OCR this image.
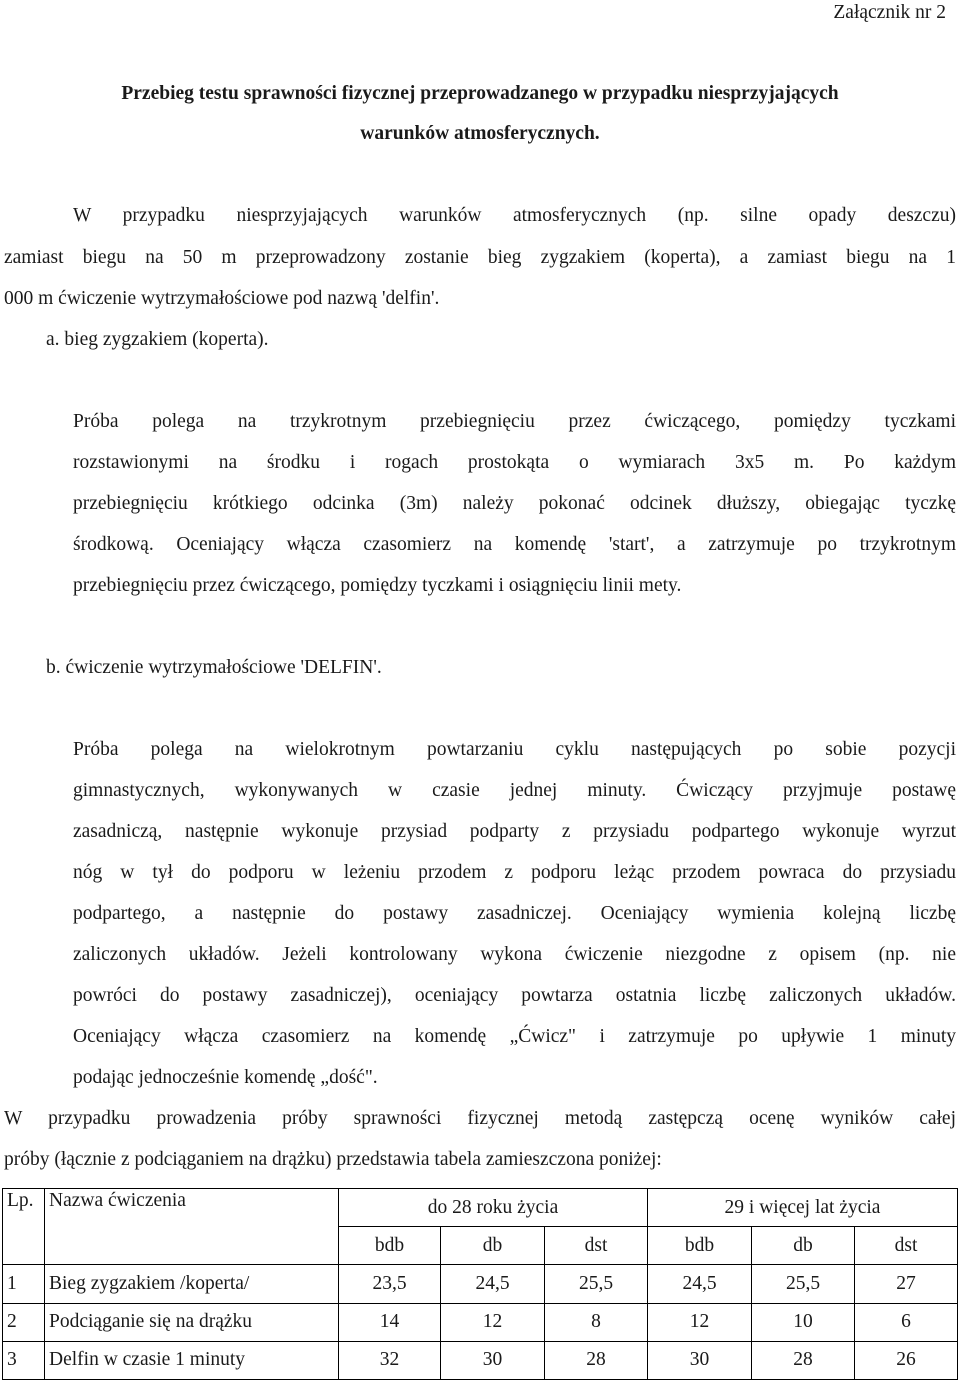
Załącznik nr 2
Przebieg testu sprawności fizycznej przeprowadzanego w przypadku niesprzyjających
warunków atmosferycznych.
W przypadku niesprzyjających warunków atmosferycznych (np. silne opady deszczu)
zamiast biegu na 50 m przeprowadzony zostanie bieg zygzakiem (koperta), a zamiast biegu na 1
000 m ćwiczenie wytrzymałościowe pod nazwą 'delfin'.
a. bieg zygzakiem (koperta).
Próba polega na trzykrotnym przebiegnięciu przez ćwiczącego, pomiędzy tyczkami
rozstawionymi na środku i rogach prostokąta o wymiarach 3x5 m. Po każdym
przebiegnięciu krótkiego odcinka (3m) należy pokonać odcinek dłuższy, obiegając tyczkę
środkową. Oceniający włącza czasomierz na komendę 'start', a zatrzymuje po trzykrotnym
przebiegnięciu przez ćwiczącego, pomiędzy tyczkami i osiągnięciu linii mety.
b. ćwiczenie wytrzymałościowe 'DELFIN'.
Próba polega na wielokrotnym powtarzaniu cyklu następujących po sobie pozycji
gimnastycznych, wykonywanych w czasie jednej minuty. Ćwiczący przyjmuje postawę
zasadniczą, następnie wykonuje przysiad podparty z przysiadu podpartego wykonuje wyrzut
nóg w tył do podporu w leżeniu przodem z podporu leżąc przodem powraca do przysiadu
podpartego, a następnie do postawy zasadniczej. Oceniający wymienia kolejną liczbę
zaliczonych układów. Jeżeli kontrolowany wykona ćwiczenie niezgodne z opisem (np. nie
powróci do postawy zasadniczej), oceniający powtarza ostatnia liczbę zaliczonych układów.
Oceniający włącza czasomierz na komendę „Ćwicz" i zatrzymuje po upływie 1 minuty
podając jednocześnie komendę „dość".
W przypadku prowadzenia próby sprawności fizycznej metodą zastępczą ocenę wyników całej
próby (łącznie z podciąganiem na drążku) przedstawia tabela zamieszczona poniżej:
Lp.	Nazwa ćwiczenia	do 28 roku życia			29 i więcej lat życia		
		bdb	db	dst	bdb	db	dst
1	Bieg zygzakiem /koperta/	23,5	24,5	25,5	24,5	25,5	27
2	Podciąganie się na drążku	14	12	8	12	10	6
3	Delfin w czasie 1 minuty	32	30	28	30	28	26
